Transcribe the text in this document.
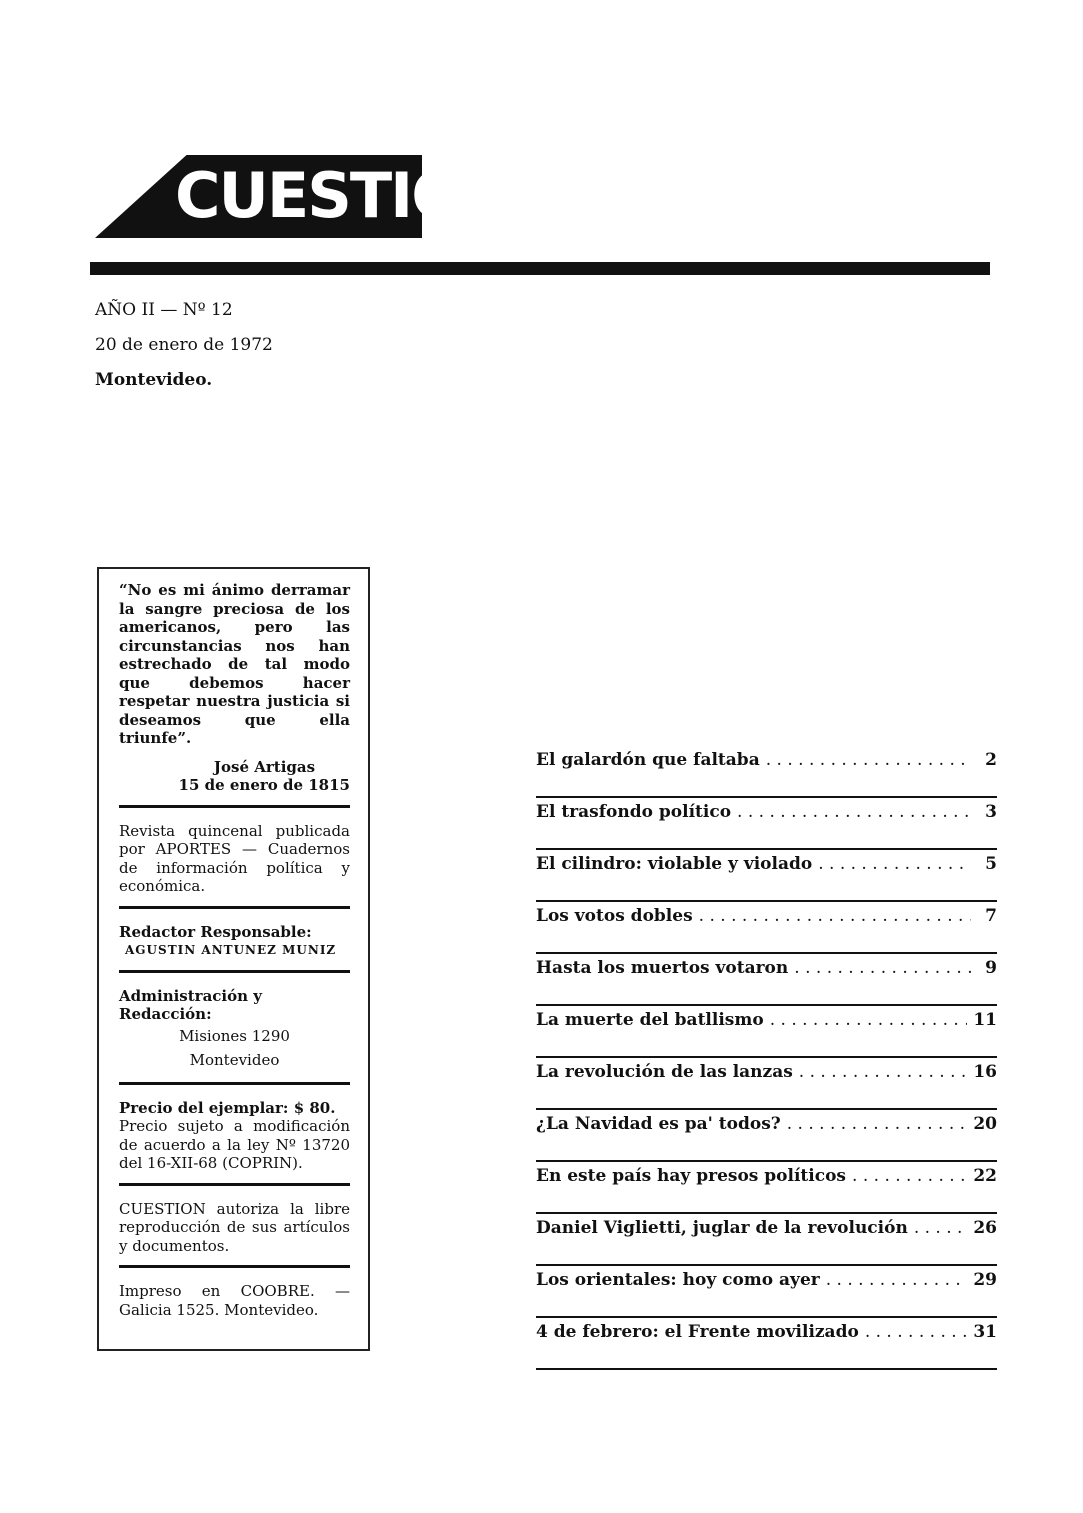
CUESTIÓN
AÑO II — Nº 12
20 de enero de 1972
Montevideo.
“No es mi ánimo derramar la sangre preciosa de los americanos, pero las circunstancias nos han estrechado de tal modo que debemos hacer respetar nuestra justicia si deseamos que ella triunfe”.
José Artigas
15 de enero de 1815
Revista quincenal publicada por APORTES — Cuadernos de información política y económica.
Redactor Responsable:
AGUSTIN ANTUNEZ MUNIZ
Administración y Redacción:
Misiones 1290
Montevideo
Precio del ejemplar: $ 80.
Precio sujeto a modificación de acuerdo a la ley Nº 13720 del 16-XII-68 (COPRIN).
CUESTION autoriza la libre reproducción de sus artículos y documentos.
Impreso en COOBRE. — Galicia 1525. Montevideo.
El galardón que faltaba . . .	2
El trasfondo político . . .	3
El cilindro: violable y violado . . .	5
Los votos dobles . . .	7
Hasta los muertos votaron . . .	9
La muerte del batllismo . . .	11
La revolución de las lanzas . . .	16
¿La Navidad es pa' todos? . . .	20
En este país hay presos políticos . . .	22
Daniel Viglietti, juglar de la revolución . . .	26
Los orientales: hoy como ayer . . .	29
4 de febrero: el Frente movilizado . . .	31
